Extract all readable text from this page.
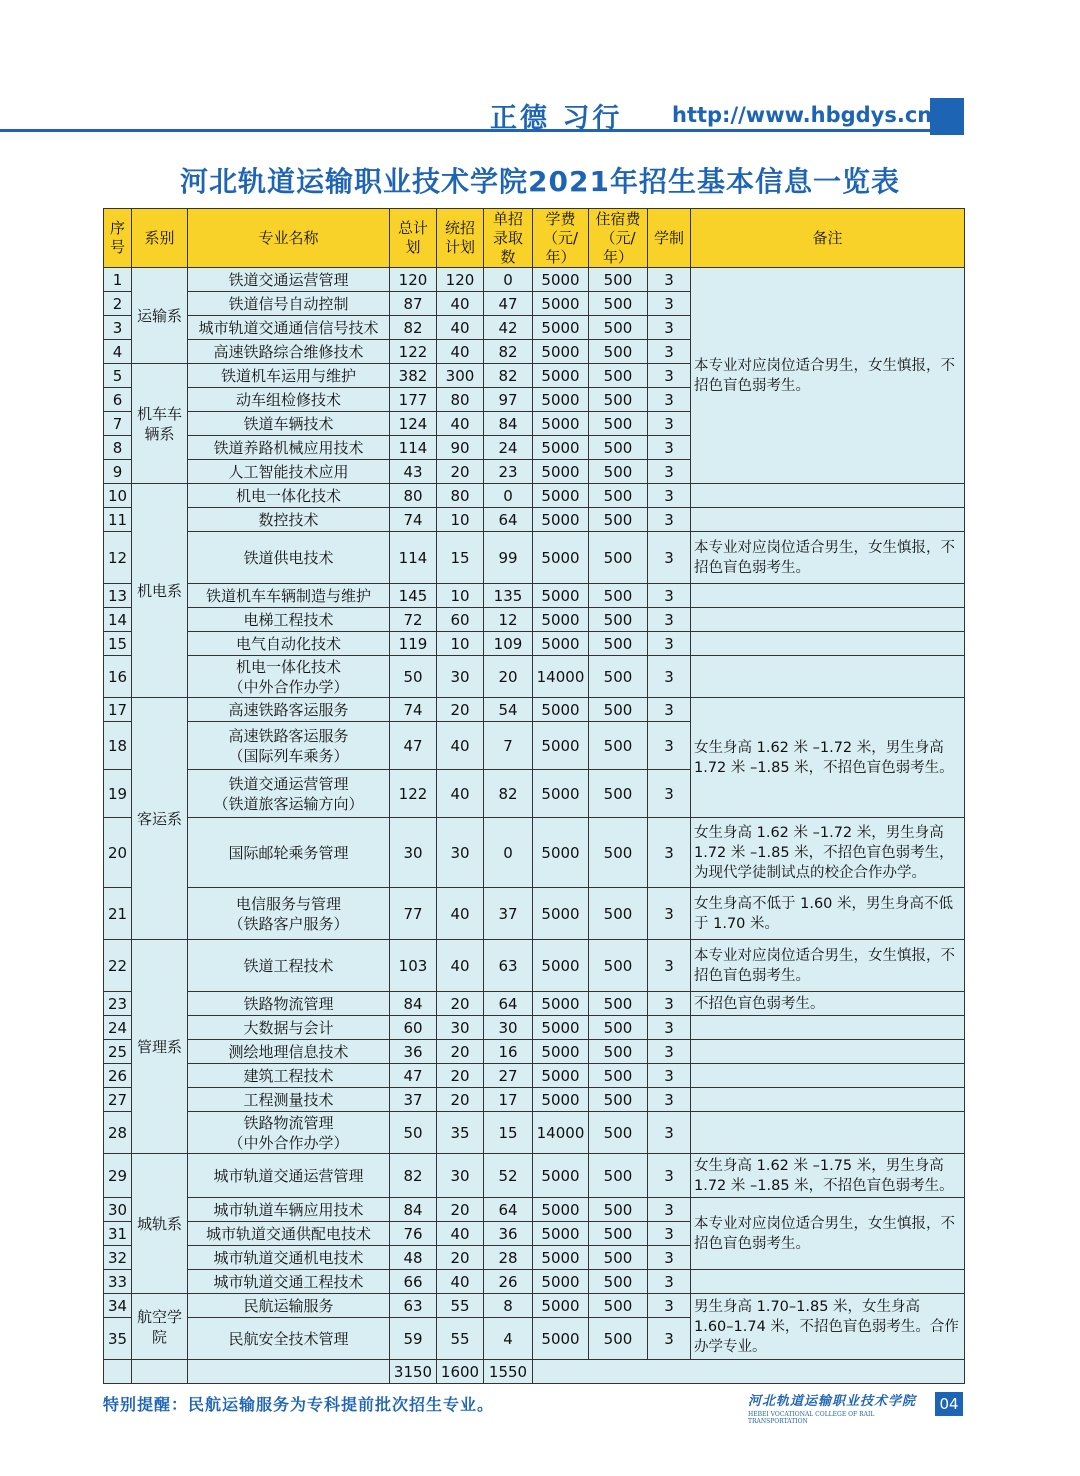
正德 习行 http://www.hbgdys.cn
河北轨道运输职业技术学院2021年招生基本信息一览表
序号	系别	专业名称	总计划	统招计划	单招录取数	学费（元/年）	住宿费（元/年）	学制	备注
1	运输系	铁道交通运营管理	120	120	0	5000	500	3	本专业对应岗位适合男生，女生慎报，不招色盲色弱考生。
2		铁道信号自动控制	87	40	47	5000	500	3	
3		城市轨道交通通信信号技术	82	40	42	5000	500	3	
4		高速铁路综合维修技术	122	40	82	5000	500	3	
5	机车车辆系	铁道机车运用与维护	382	300	82	5000	500	3	
6		动车组检修技术	177	80	97	5000	500	3	
7		铁道车辆技术	124	40	84	5000	500	3	
8		铁道养路机械应用技术	114	90	24	5000	500	3	
9		人工智能技术应用	43	20	23	5000	500	3	
10	机电系	机电一体化技术	80	80	0	5000	500	3	
11		数控技术	74	10	64	5000	500	3	
12		铁道供电技术	114	15	99	5000	500	3	本专业对应岗位适合男生，女生慎报，不招色盲色弱考生。
13		铁道机车车辆制造与维护	145	10	135	5000	500	3	
14		电梯工程技术	72	60	12	5000	500	3	
15		电气自动化技术	119	10	109	5000	500	3	
16		机电一体化技术
（中外合作办学）	50	30	20	14000	500	3	
17	客运系	高速铁路客运服务	74	20	54	5000	500	3	女生身高 1.62 米 –1.72 米，男生身高 1.72 米 –1.85 米，不招色盲色弱考生。
18		高速铁路客运服务
（国际列车乘务）	47	40	7	5000	500	3	
19		铁道交通运营管理
（铁道旅客运输方向）	122	40	82	5000	500	3	
20		国际邮轮乘务管理	30	30	0	5000	500	3	女生身高 1.62 米 –1.72 米，男生身高 1.72 米 –1.85 米，不招色盲色弱考生，为现代学徒制试点的校企合作办学。
21		电信服务与管理
（铁路客户服务）	77	40	37	5000	500	3	女生身高不低于 1.60 米，男生身高不低于 1.70 米。
22	管理系	铁道工程技术	103	40	63	5000	500	3	本专业对应岗位适合男生，女生慎报，不招色盲色弱考生。
23		铁路物流管理	84	20	64	5000	500	3	不招色盲色弱考生。
24		大数据与会计	60	30	30	5000	500	3	
25		测绘地理信息技术	36	20	16	5000	500	3	
26		建筑工程技术	47	20	27	5000	500	3	
27		工程测量技术	37	20	17	5000	500	3	
28		铁路物流管理
（中外合作办学）	50	35	15	14000	500	3	
29	城轨系	城市轨道交通运营管理	82	30	52	5000	500	3	女生身高 1.62 米 –1.75 米，男生身高 1.72 米 –1.85 米，不招色盲色弱考生。
30		城市轨道车辆应用技术	84	20	64	5000	500	3	本专业对应岗位适合男生，女生慎报，不招色盲色弱考生。
31		城市轨道交通供配电技术	76	40	36	5000	500	3	
32		城市轨道交通机电技术	48	20	28	5000	500	3	
33		城市轨道交通工程技术	66	40	26	5000	500	3	
34	航空学院	民航运输服务	63	55	8	5000	500	3	男生身高 1.70–1.85 米，女生身高 1.60–1.74 米，不招色盲色弱考生。合作办学专业。
35		民航安全技术管理	59	55	4	5000	500	3	
			3150	1600	1550				
特别提醒：民航运输服务为专科提前批次招生专业。	河北轨道运输职业技术学院
HEBEI VOCATIONAL COLLEGE OF RAIL TRANSPORTATION
04
